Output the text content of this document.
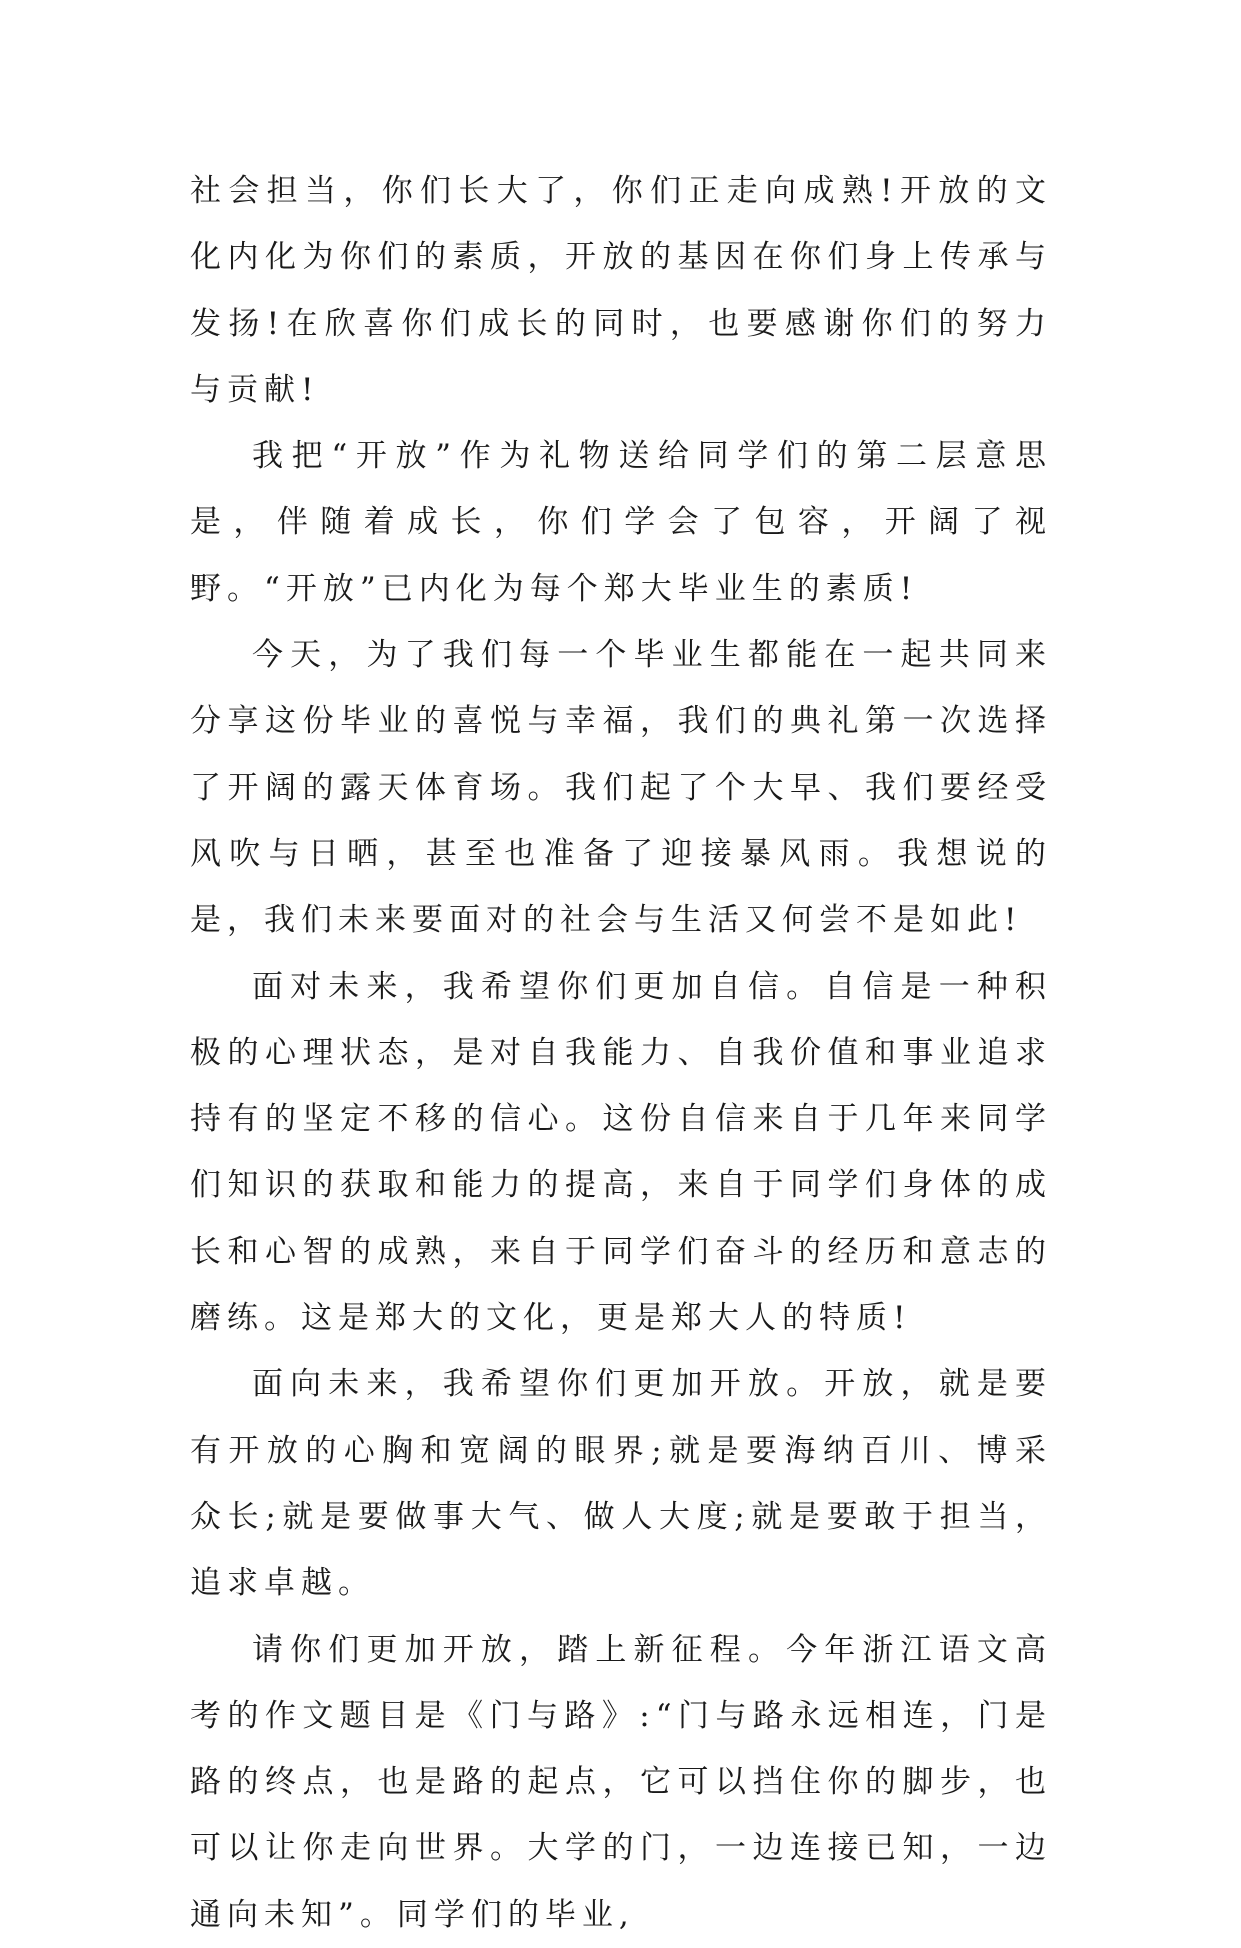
社会担当，你们长大了，你们正走向成熟!开放的文化内化为你们的素质，开放的基因在你们身上传承与发扬!在欣喜你们成长的同时，也要感谢你们的努力与贡献!

我把“开放”作为礼物送给同学们的第二层意思是，伴随着成长，你们学会了包容，开阔了视野。“开放”已内化为每个郑大毕业生的素质!

今天，为了我们每一个毕业生都能在一起共同来分享这份毕业的喜悦与幸福，我们的典礼第一次选择了开阔的露天体育场。我们起了个大早、我们要经受风吹与日晒，甚至也准备了迎接暴风雨。我想说的是，我们未来要面对的社会与生活又何尝不是如此!

面对未来，我希望你们更加自信。自信是一种积极的心理状态，是对自我能力、自我价值和事业追求持有的坚定不移的信心。这份自信来自于几年来同学们知识的获取和能力的提高，来自于同学们身体的成长和心智的成熟，来自于同学们奋斗的经历和意志的磨练。这是郑大的文化，更是郑大人的特质!

面向未来，我希望你们更加开放。开放，就是要有开放的心胸和宽阔的眼界;就是要海纳百川、博采众长;就是要做事大气、做人大度;就是要敢于担当，追求卓越。

请你们更加开放，踏上新征程。今年浙江语文高考的作文题目是《门与路》:“门与路永远相连，门是路的终点，也是路的起点，它可以挡住你的脚步，也可以让你走向世界。大学的门，一边连接已知，一边通向未知”。同学们的毕业,
